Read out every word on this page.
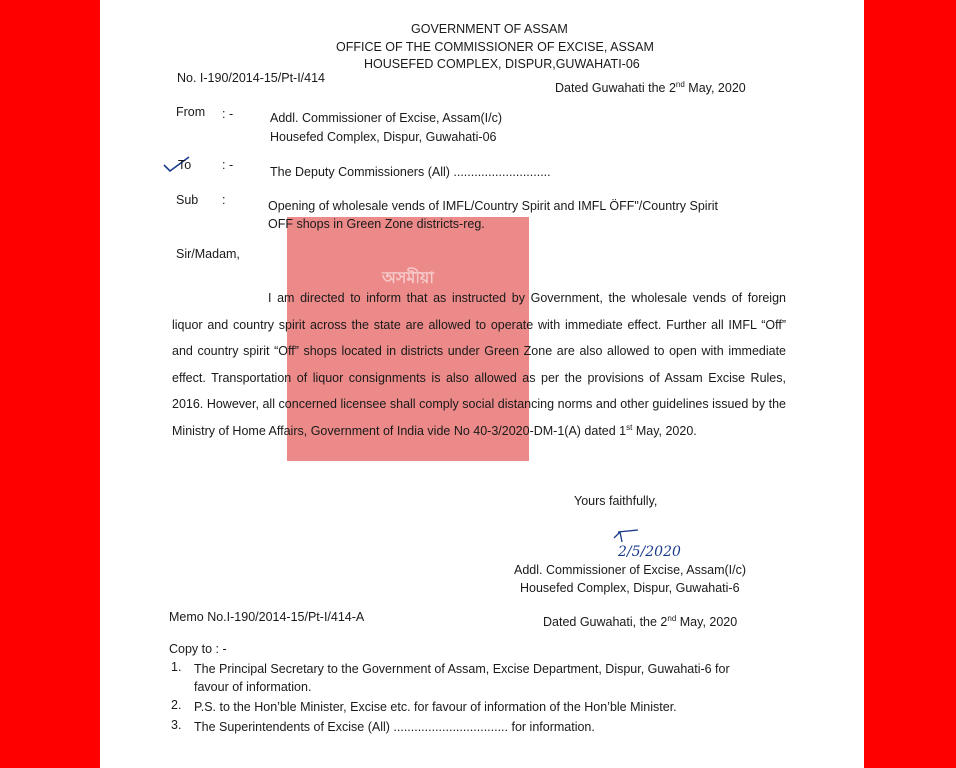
অসমীয়া
GOVERNMENT OF ASSAM
OFFICE OF THE COMMISSIONER OF EXCISE, ASSAM
HOUSEFED COMPLEX, DISPUR,GUWAHATI-06
No. I-190/2014-15/Pt-I/414
Dated Guwahati the 2nd May, 2020
From : -	Addl. Commissioner of Excise, Assam(I/c)
Housefed Complex, Dispur, Guwahati-06
To : -	The Deputy Commissioners (All) ............................
Sub :	Opening of wholesale vends of IMFL/Country Spirit and IMFL ÖFF"/Country Spirit
OFF shops in Green Zone districts-reg.
Sir/Madam,
I am directed to inform that as instructed by Government, the wholesale vends of foreign liquor and country spirit across the state are allowed to operate with immediate effect. Further all IMFL “Off” and country spirit “Off” shops located in districts under Green Zone are also allowed to open with immediate effect. Transportation of liquor consignments is also allowed as per the provisions of Assam Excise Rules, 2016. However, all concerned licensee shall comply social distancing norms and other guidelines issued by the Ministry of Home Affairs, Government of India vide No 40-3/2020-DM-1(A) dated 1st May, 2020.
Yours faithfully,
2/5/2020
Addl. Commissioner of Excise, Assam(I/c)
Housefed Complex, Dispur, Guwahati-6
Memo No.I-190/2014-15/Pt-I/414-A	Dated Guwahati, the 2nd May, 2020
Copy to : -
1. The Principal Secretary to the Government of Assam, Excise Department, Dispur, Guwahati-6 for
favour of information.
2. P.S. to the Hon’ble Minister, Excise etc. for favour of information of the Hon’ble Minister.
3. The Superintendents of Excise (All) ................................. for information.
